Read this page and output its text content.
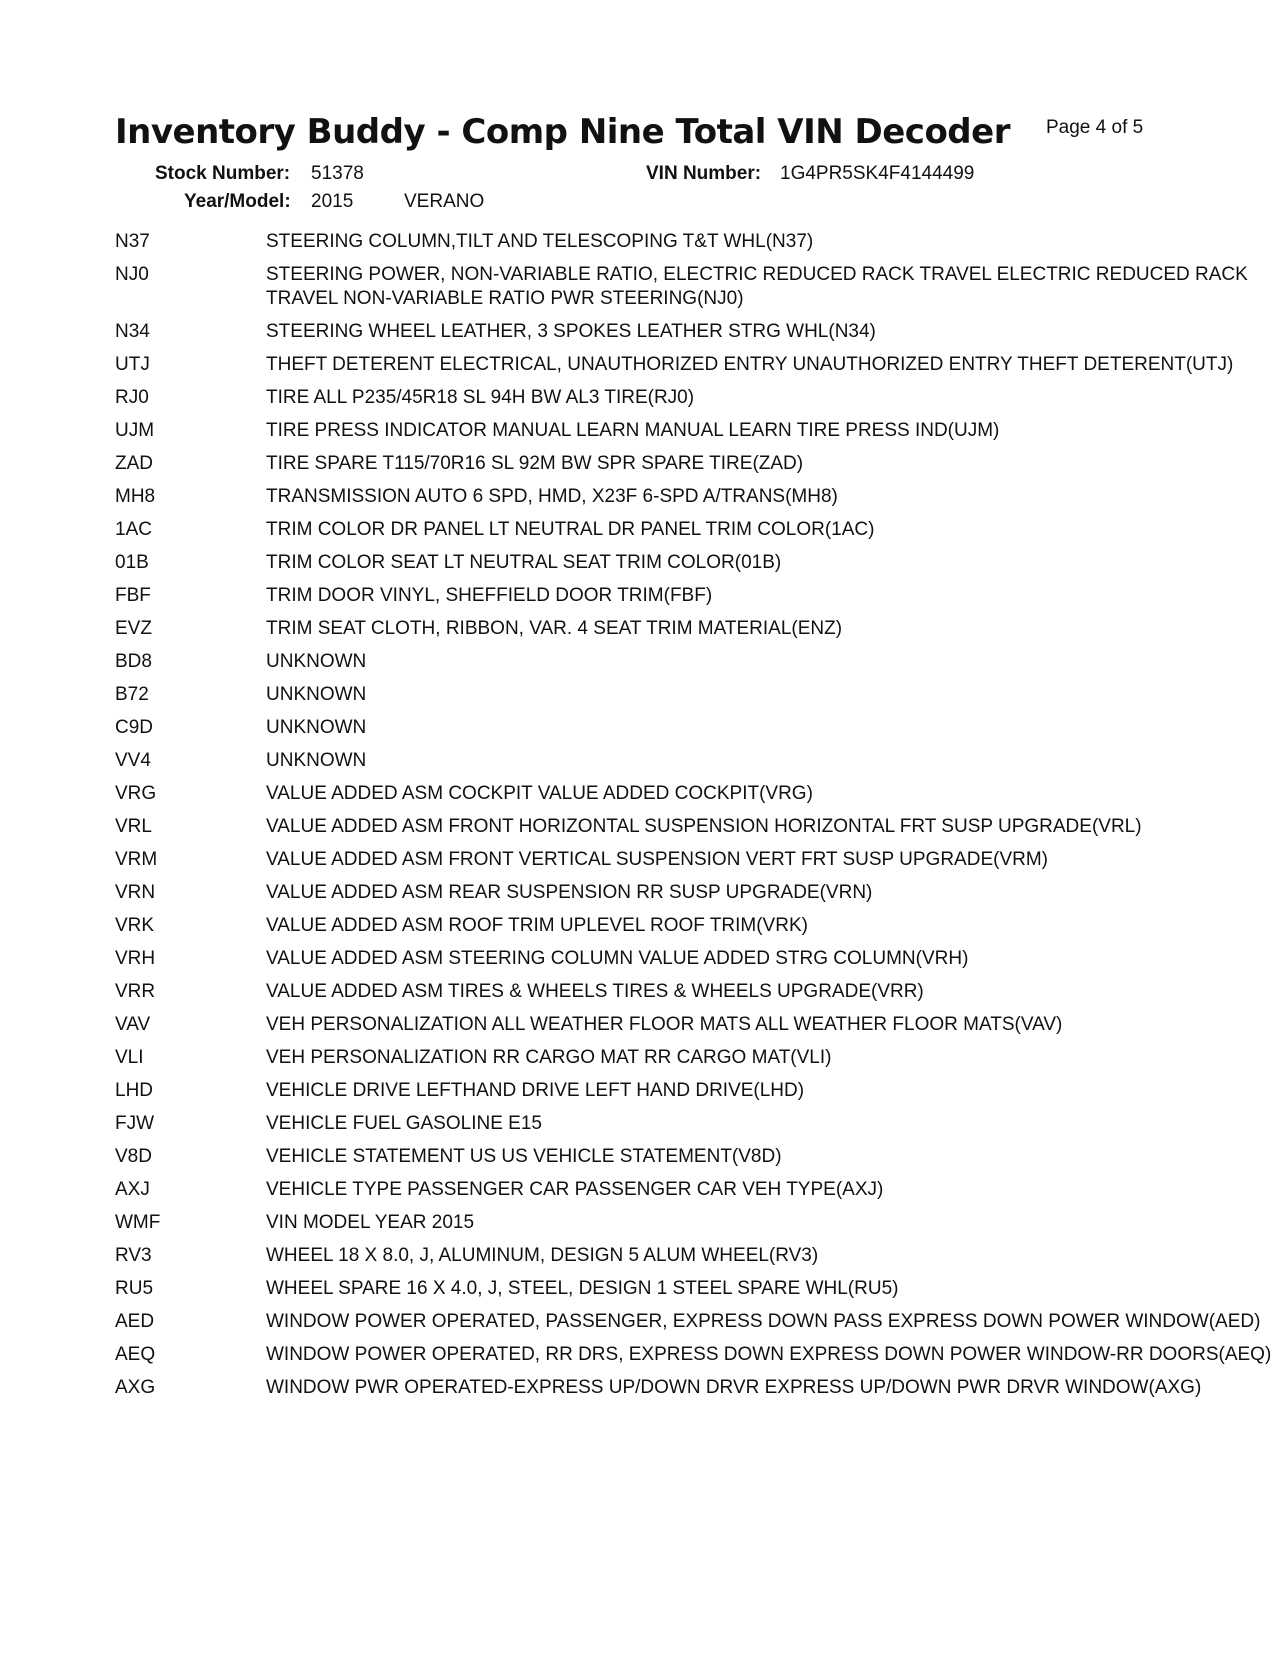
Inventory Buddy - Comp Nine Total VIN Decoder Page 4 of 5
Stock Number: 51378	VIN Number: 1G4PR5SK4F4144499
Year/Model: 2015	VERANO
N37	STEERING COLUMN,TILT AND TELESCOPING T&T WHL(N37)
NJ0	STEERING POWER, NON-VARIABLE RATIO, ELECTRIC REDUCED RACK TRAVEL ELECTRIC REDUCED RACK TRAVEL NON-VARIABLE RATIO PWR STEERING(NJ0)
N34	STEERING WHEEL LEATHER, 3 SPOKES LEATHER STRG WHL(N34)
UTJ	THEFT DETERENT ELECTRICAL, UNAUTHORIZED ENTRY UNAUTHORIZED ENTRY THEFT DETERENT(UTJ)
RJ0	TIRE ALL P235/45R18 SL 94H BW AL3 TIRE(RJ0)
UJM	TIRE PRESS INDICATOR MANUAL LEARN MANUAL LEARN TIRE PRESS IND(UJM)
ZAD	TIRE SPARE T115/70R16 SL 92M BW SPR SPARE TIRE(ZAD)
MH8	TRANSMISSION AUTO 6 SPD, HMD, X23F 6-SPD A/TRANS(MH8)
1AC	TRIM COLOR DR PANEL LT NEUTRAL DR PANEL TRIM COLOR(1AC)
01B	TRIM COLOR SEAT LT NEUTRAL SEAT TRIM COLOR(01B)
FBF	TRIM DOOR VINYL, SHEFFIELD DOOR TRIM(FBF)
EVZ	TRIM SEAT CLOTH, RIBBON, VAR. 4 SEAT TRIM MATERIAL(ENZ)
BD8	UNKNOWN
B72	UNKNOWN
C9D	UNKNOWN
VV4	UNKNOWN
VRG	VALUE ADDED ASM COCKPIT VALUE ADDED COCKPIT(VRG)
VRL	VALUE ADDED ASM FRONT HORIZONTAL SUSPENSION HORIZONTAL FRT SUSP UPGRADE(VRL)
VRM	VALUE ADDED ASM FRONT VERTICAL SUSPENSION VERT FRT SUSP UPGRADE(VRM)
VRN	VALUE ADDED ASM REAR SUSPENSION RR SUSP UPGRADE(VRN)
VRK	VALUE ADDED ASM ROOF TRIM UPLEVEL ROOF TRIM(VRK)
VRH	VALUE ADDED ASM STEERING COLUMN VALUE ADDED STRG COLUMN(VRH)
VRR	VALUE ADDED ASM TIRES & WHEELS TIRES & WHEELS UPGRADE(VRR)
VAV	VEH PERSONALIZATION ALL WEATHER FLOOR MATS ALL WEATHER FLOOR MATS(VAV)
VLI	VEH PERSONALIZATION RR CARGO MAT RR CARGO MAT(VLI)
LHD	VEHICLE DRIVE LEFTHAND DRIVE LEFT HAND DRIVE(LHD)
FJW	VEHICLE FUEL GASOLINE E15
V8D	VEHICLE STATEMENT US US VEHICLE STATEMENT(V8D)
AXJ	VEHICLE TYPE PASSENGER CAR PASSENGER CAR VEH TYPE(AXJ)
WMF	VIN MODEL YEAR 2015
RV3	WHEEL 18 X 8.0, J, ALUMINUM, DESIGN 5 ALUM WHEEL(RV3)
RU5	WHEEL SPARE 16 X 4.0, J, STEEL, DESIGN 1 STEEL SPARE WHL(RU5)
AED	WINDOW POWER OPERATED, PASSENGER, EXPRESS DOWN PASS EXPRESS DOWN POWER WINDOW(AED)
AEQ	WINDOW POWER OPERATED, RR DRS, EXPRESS DOWN EXPRESS DOWN POWER WINDOW-RR DOORS(AEQ)
AXG	WINDOW PWR OPERATED-EXPRESS UP/DOWN DRVR EXPRESS UP/DOWN PWR DRVR WINDOW(AXG)
